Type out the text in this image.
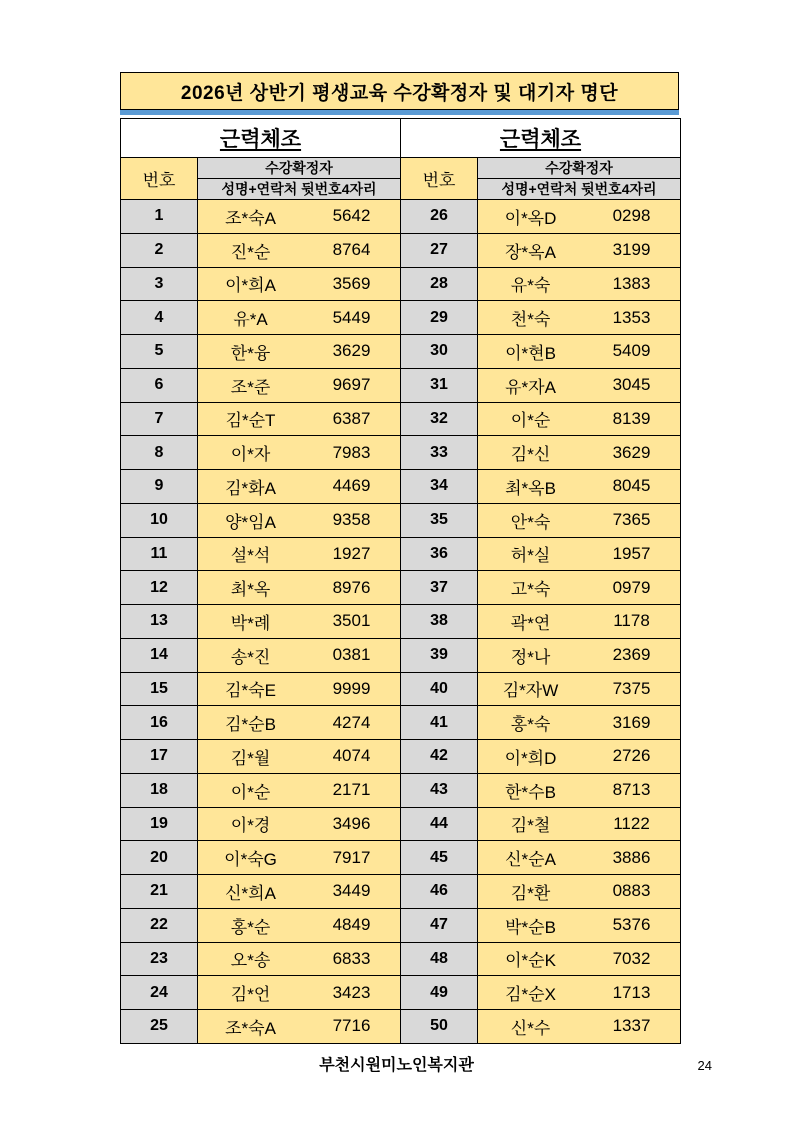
2026년 상반기 평생교육 수강확정자 및 대기자 명단
근력체조	
번호	수강확정자
	성명+연락처 뒷번호4자리
1	조*숙A 5642

2	진*순 8764

3	이*희A 3569

4	유*A 5449

5	한*융 3629

6	조*준 9697

7	김*순T 6387

8	이*자 7983

9	김*화A 4469

10	양*임A 9358

11	설*석 1927

12	최*옥 8976

13	박*례 3501

14	송*진 0381

15	김*숙E 9999

16	김*순B 4274

17	김*월 4074

18	이*순 2171

19	이*경 3496

20	이*숙G 7917

21	신*희A 3449

22	홍*순 4849

23	오*송 6833

24	김*언 3423

25	조*숙A 7716
근력체조	
번호	수강확정자
	성명+연락처 뒷번호4자리
26	이*옥D 0298

27	장*옥A 3199

28	유*숙 1383

29	천*숙 1353

30	이*현B 5409

31	유*자A 3045

32	이*순 8139

33	김*신 3629

34	최*옥B 8045

35	안*숙 7365

36	허*실 1957

37	고*숙 0979

38	곽*연 1178

39	정*나 2369

40	김*자W 7375

41	홍*숙 3169

42	이*희D 2726

43	한*수B 8713

44	김*철 1122

45	신*순A 3886

46	김*환 0883

47	박*순B 5376

48	이*순K 7032

49	김*순X 1713

50	신*수 1337
부천시원미노인복지관	24
